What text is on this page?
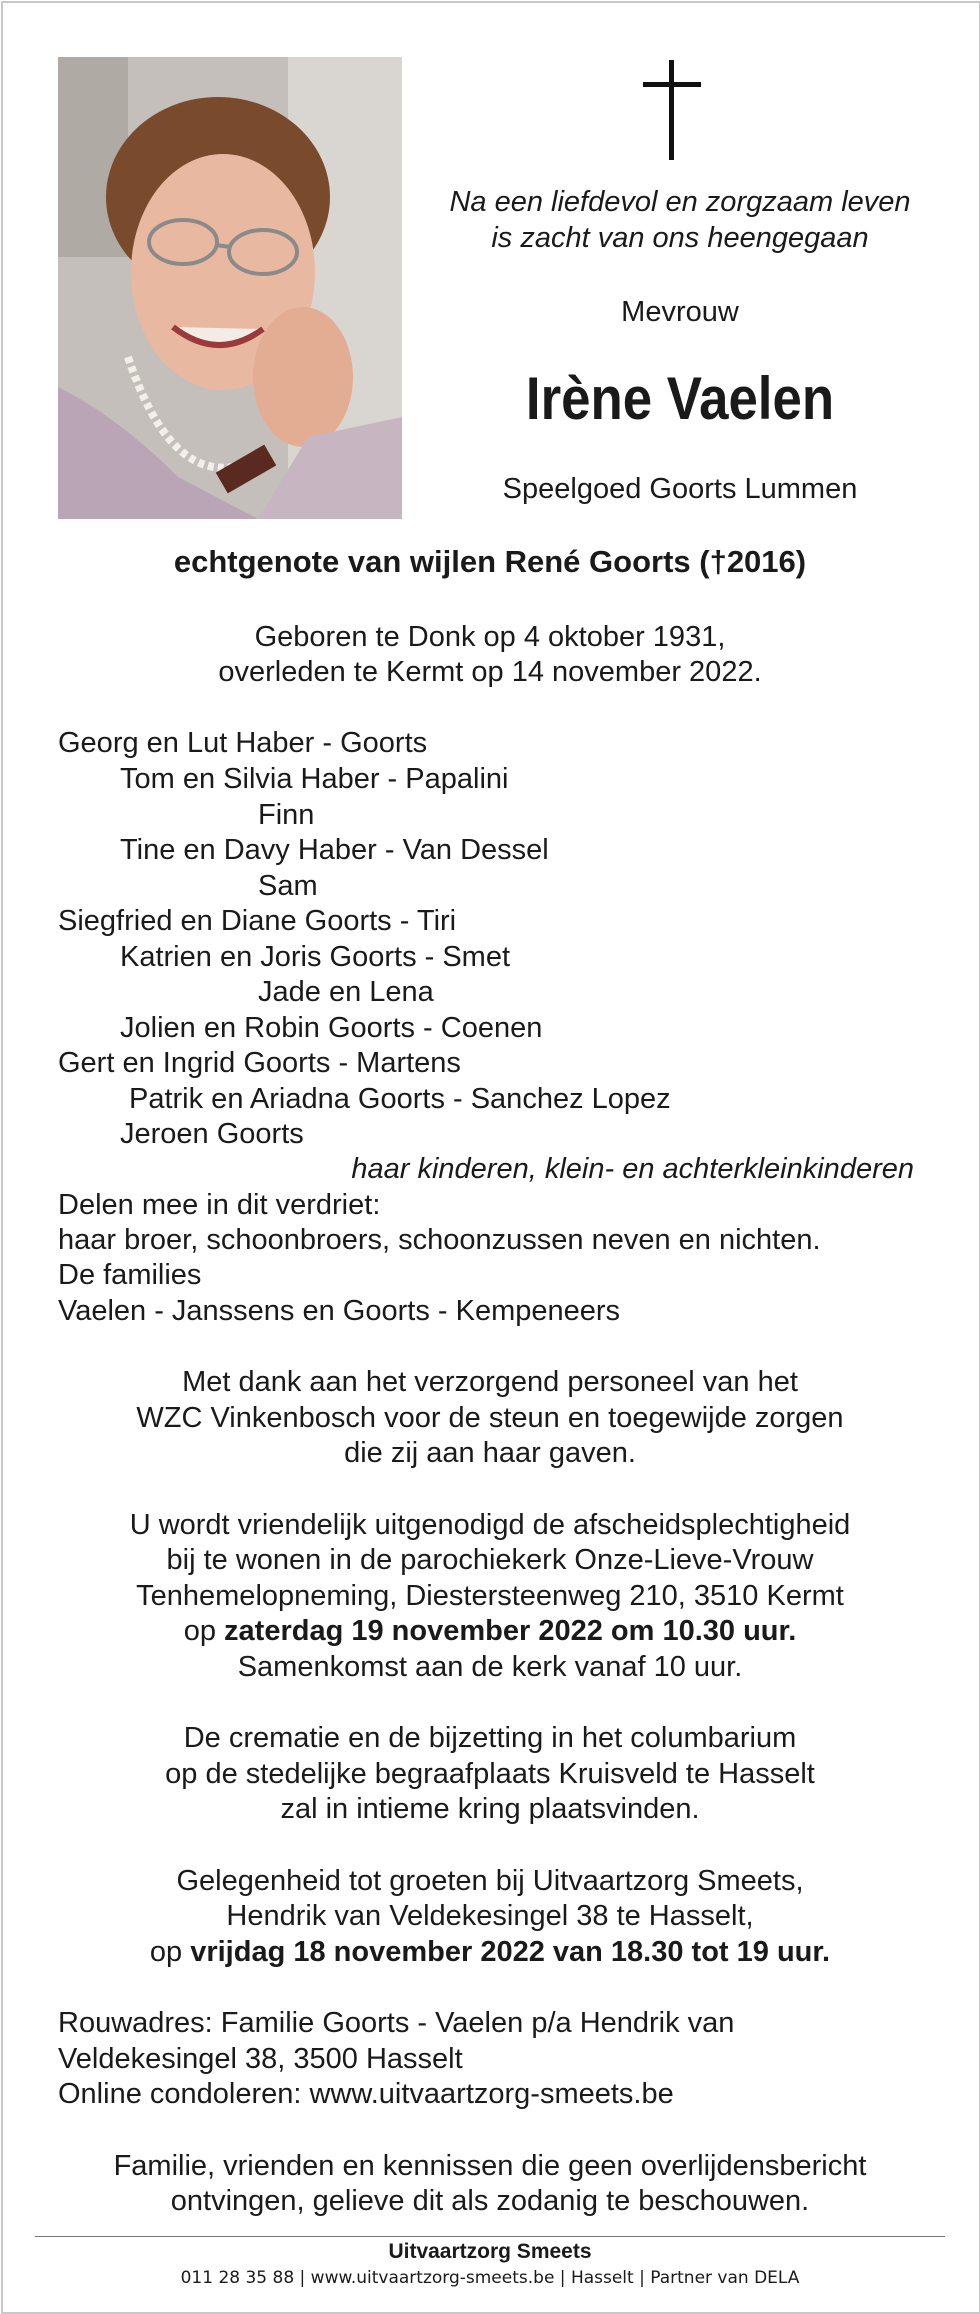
Na een liefdevol en zorgzaam leven

is zacht van ons heengegaan

Mevrouw

Irène Vaelen

Speelgoed Goorts Lummen

echtgenote van wijlen René Goorts (†2016)

Geboren te Donk op 4 oktober 1931,

overleden te Kermt op 14 november 2022.

Georg en Lut Haber - Goorts

Tom en Silvia Haber - Papalini

Finn

Tine en Davy Haber - Van Dessel

Sam

Siegfried en Diane Goorts - Tiri

Katrien en Joris Goorts - Smet

Jade en Lena

Jolien en Robin Goorts - Coenen

Gert en Ingrid Goorts - Martens

Patrik en Ariadna Goorts - Sanchez Lopez

Jeroen Goorts

haar kinderen, klein- en achterkleinkinderen

Delen mee in dit verdriet:

haar broer, schoonbroers, schoonzussen neven en nichten.

De families

Vaelen - Janssens en Goorts - Kempeneers

Met dank aan het verzorgend personeel van het

WZC Vinkenbosch voor de steun en toegewijde zorgen

die zij aan haar gaven.

U wordt vriendelijk uitgenodigd de afscheidsplechtigheid

bij te wonen in de parochiekerk Onze-Lieve-Vrouw

Tenhemelopneming, Diestersteenweg 210, 3510 Kermt

op zaterdag 19 november 2022 om 10.30 uur.

Samenkomst aan de kerk vanaf 10 uur.

De crematie en de bijzetting in het columbarium

op de stedelijke begraafplaats Kruisveld te Hasselt

zal in intieme kring plaatsvinden.

Gelegenheid tot groeten bij Uitvaartzorg Smeets,

Hendrik van Veldekesingel 38 te Hasselt,

op vrijdag 18 november 2022 van 18.30 tot 19 uur.

Rouwadres: Familie Goorts - Vaelen p/a Hendrik van

Veldekesingel 38, 3500 Hasselt

Online condoleren: www.uitvaartzorg-smeets.be

Familie, vrienden en kennissen die geen overlijdensbericht

ontvingen, gelieve dit als zodanig te beschouwen.

Uitvaartzorg Smeets

011 28 35 88 | www.uitvaartzorg-smeets.be | Hasselt | Partner van DELA
